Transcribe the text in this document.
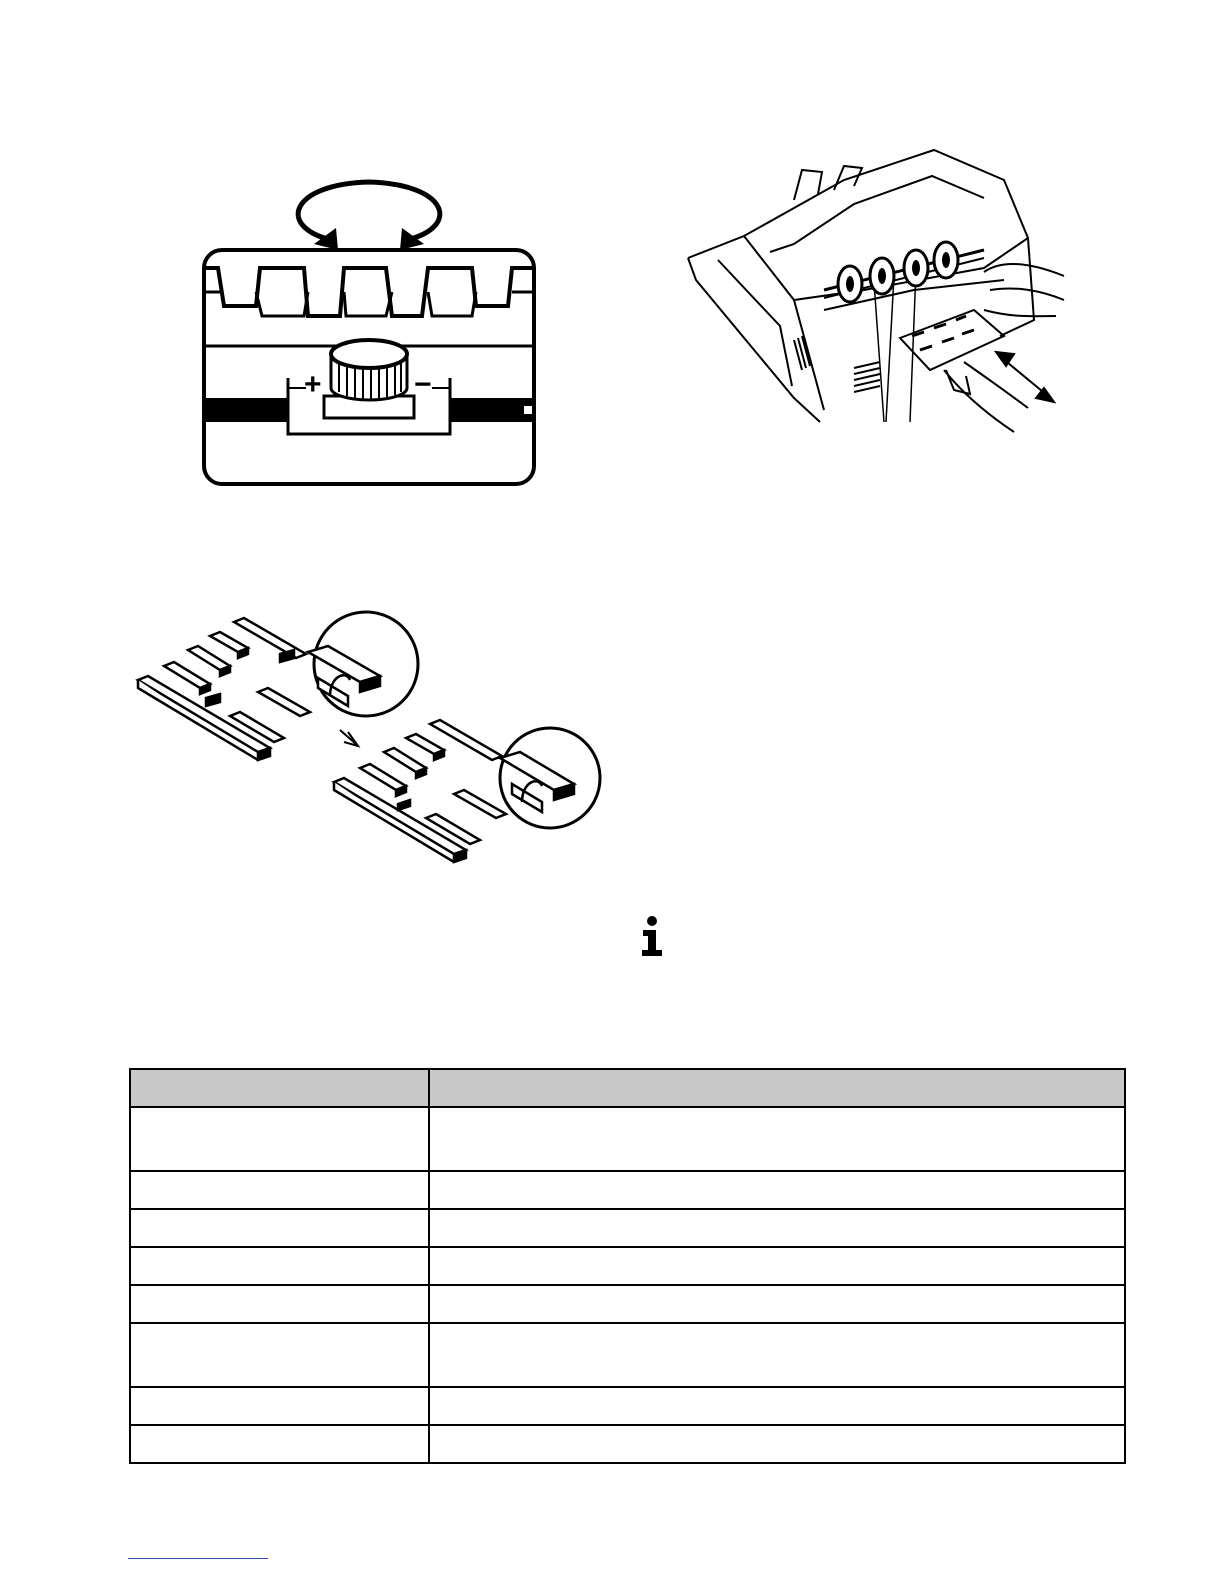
+	−
